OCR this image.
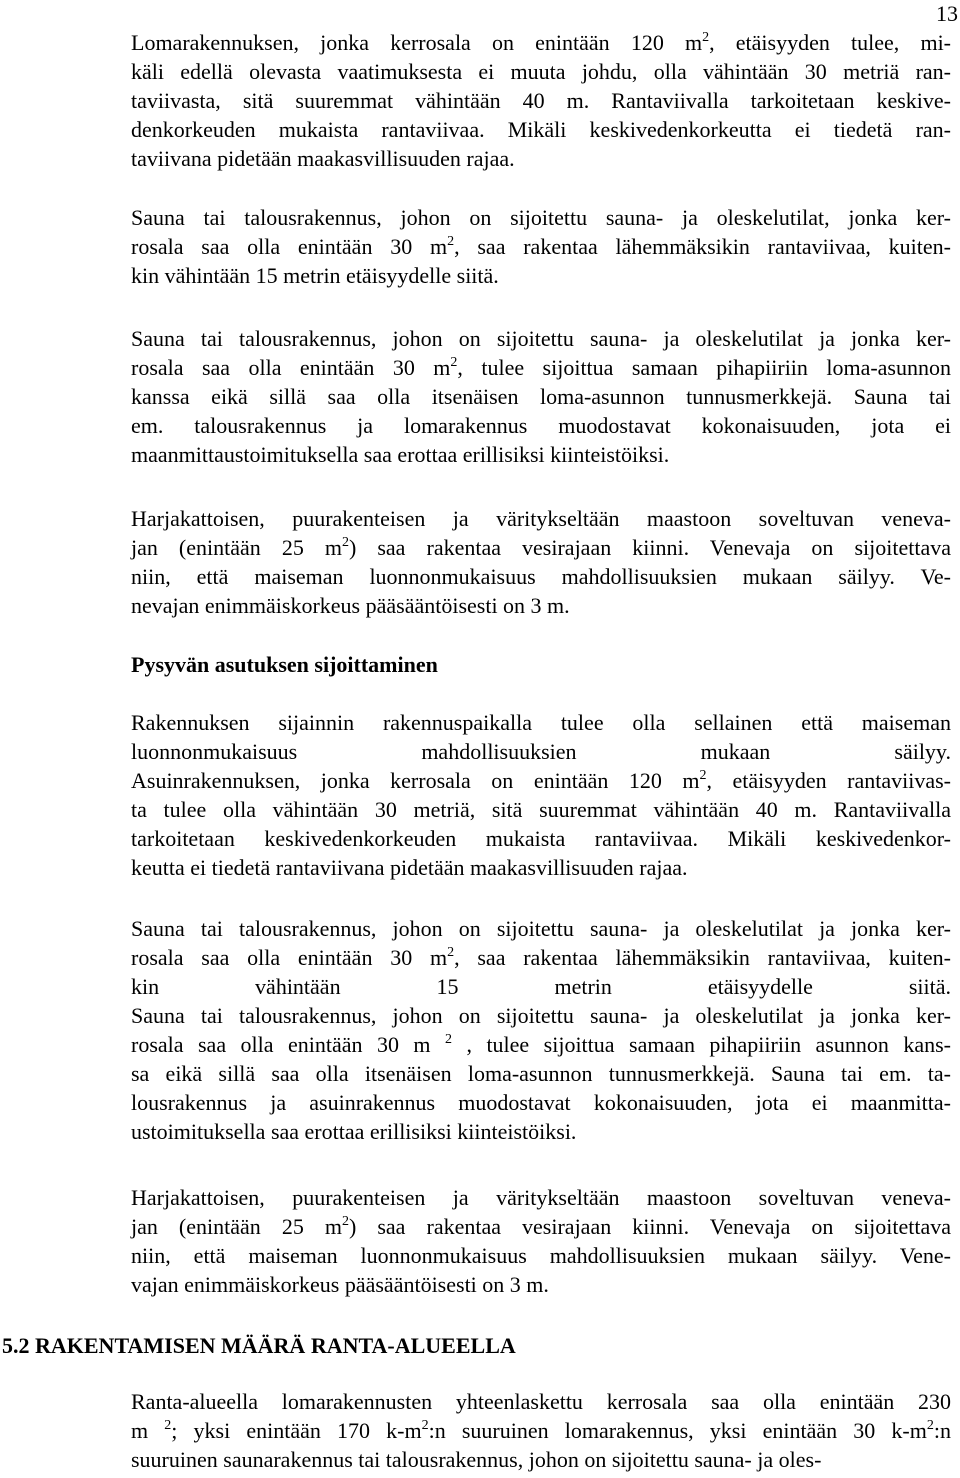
13
Lomarakennuksen, jonka kerrosala on enintään 120 $m^2$, etäisyyden tulee, mi-
käli edellä olevasta vaatimuksesta ei muuta johdu, olla vähintään 30 metriä ran-
taviivasta, sitä suuremmat vähintään 40 m. Rantaviivalla tarkoitetaan keskive-
denkorkeuden mukaista rantaviivaa. Mikäli keskivedenkorkeutta ei tiedetä ran-
taviivana pidetään maakasvillisuuden rajaa.
Sauna tai talousrakennus, johon on sijoitettu sauna- ja oleskelutilat, jonka ker-
rosala saa olla enintään 30 $m^2$, saa rakentaa lähemmäksikin rantaviivaa, kuiten-
kin vähintään 15 metrin etäisyydelle siitä.
Sauna tai talousrakennus, johon on sijoitettu sauna- ja oleskelutilat ja jonka ker-
rosala saa olla enintään 30 $m^2$, tulee sijoittua samaan pihapiiriin loma-asunnon
kanssa eikä sillä saa olla itsenäisen loma-asunnon tunnusmerkkejä. Sauna tai
em. talousrakennus ja lomarakennus muodostavat kokonaisuuden, jota ei
maanmittaustoimituksella saa erottaa erillisiksi kiinteistöiksi.
Harjakattoisen, puurakenteisen ja väritykseltään maastoon soveltuvan veneva-
jan (enintään 25 $m^2$) saa rakentaa vesirajaan kiinni. Venevaja on sijoitettava
niin, että maiseman luonnonmukaisuus mahdollisuuksien mukaan säilyy. Ve-
nevajan enimmäiskorkeus pääsääntöisesti on 3 m.
Pysyvän asutuksen sijoittaminen
Rakennuksen sijainnin rakennuspaikalla tulee olla sellainen että maiseman
luonnonmukaisuus mahdollisuuksien mukaan säilyy.
Asuinrakennuksen, jonka kerrosala on enintään 120 $m^2$, etäisyyden rantaviivas-
ta tulee olla vähintään 30 metriä, sitä suuremmat vähintään 40 m. Rantaviivalla
tarkoitetaan keskivedenkorkeuden mukaista rantaviivaa. Mikäli keskivedenkor-
keutta ei tiedetä rantaviivana pidetään maakasvillisuuden rajaa.
Sauna tai talousrakennus, johon on sijoitettu sauna- ja oleskelutilat ja jonka ker-
rosala saa olla enintään 30 $m^2$, saa rakentaa lähemmäksikin rantaviivaa, kuiten-
kin vähintään 15 metrin etäisyydelle siitä.
Sauna tai talousrakennus, johon on sijoitettu sauna- ja oleskelutilat ja jonka ker-
rosala saa olla enintään 30 m $^2$ , tulee sijoittua samaan pihapiiriin asunnon kans-
sa eikä sillä saa olla itsenäisen loma-asunnon tunnusmerkkejä. Sauna tai em. ta-
lousrakennus ja asuinrakennus muodostavat kokonaisuuden, jota ei maanmitta-
ustoimituksella saa erottaa erillisiksi kiinteistöiksi.
Harjakattoisen, puurakenteisen ja väritykseltään maastoon soveltuvan veneva-
jan (enintään 25 $m^2$) saa rakentaa vesirajaan kiinni. Venevaja on sijoitettava
niin, että maiseman luonnonmukaisuus mahdollisuuksien mukaan säilyy. Vene-
vajan enimmäiskorkeus pääsääntöisesti on 3 m.
5.2 RAKENTAMISEN MÄÄRÄ RANTA-ALUEELLA
Ranta-alueella lomarakennusten yhteenlaskettu kerrosala saa olla enintään 230
m $^2$; yksi enintään 170 $k-m^2:n$ suuruinen lomarakennus, yksi enintään 30 $k-m^2:n$
suuruinen saunarakennus tai talousrakennus, johon on sijoitettu sauna- ja oles-
